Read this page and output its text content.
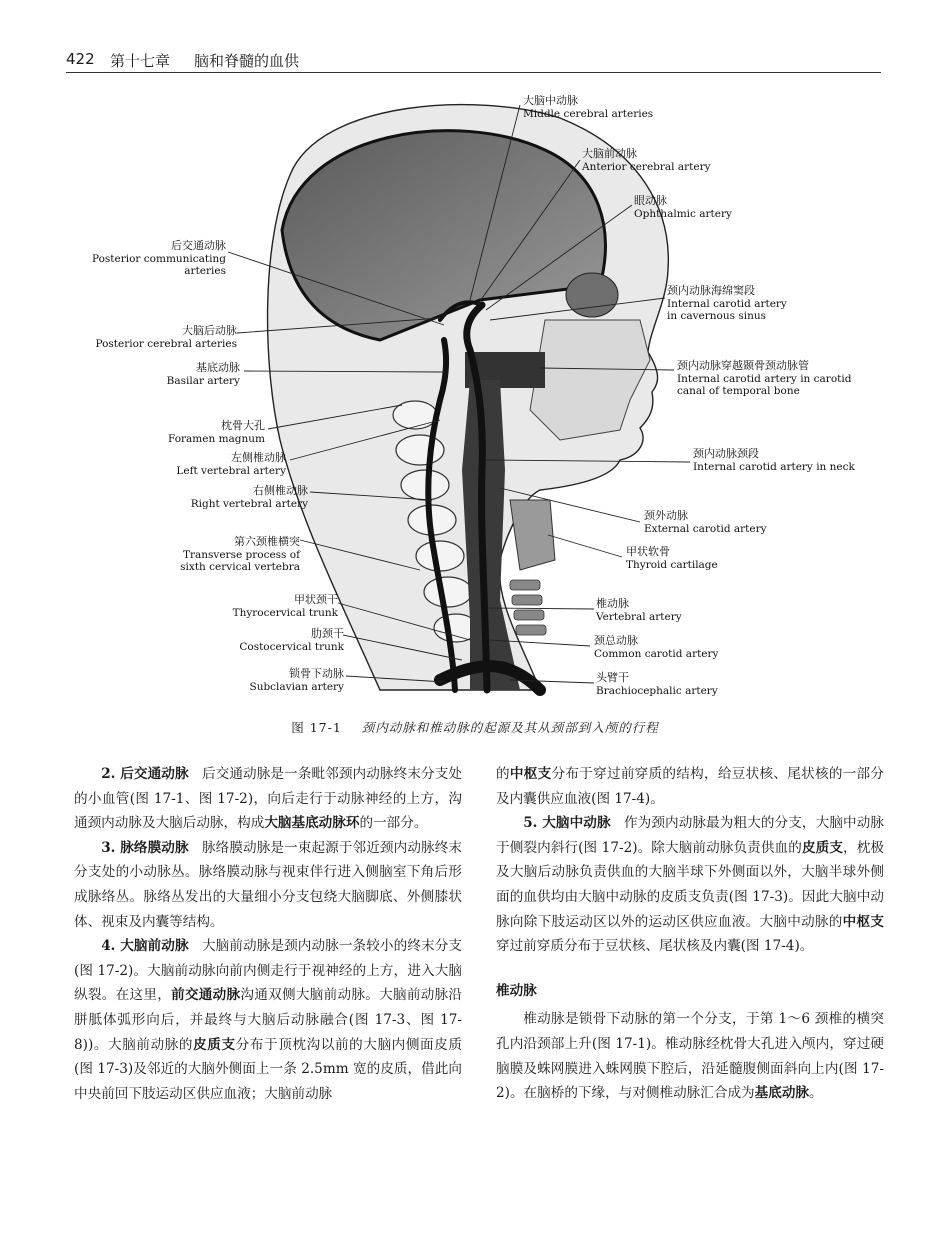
422 第十七章 脑和脊髓的血供
大脑中动脉
Middle cerebral arteries
大脑前动脉
Anterior cerebral artery
眼动脉
Ophthalmic artery
颈内动脉海绵窦段
Internal carotid artery
in cavernous sinus
颈内动脉穿越颞骨颈动脉管
Internal carotid artery in carotid
canal of temporal bone
颈内动脉颈段
Internal carotid artery in neck
颈外动脉
External carotid artery
甲状软骨
Thyroid cartilage
椎动脉
Vertebral artery
颈总动脉
Common carotid artery
头臂干
Brachiocephalic artery
后交通动脉
Posterior communicating
arteries
大脑后动脉
Posterior cerebral arteries
基底动脉
Basilar artery
枕骨大孔
Foramen magnum
左侧椎动脉
Left vertebral artery
右侧椎动脉
Right vertebral artery
第六颈椎横突
Transverse process of
sixth cervical vertebra
甲状颈干
Thyrocervical trunk
肋颈干
Costocervical trunk
锁骨下动脉
Subclavian artery
图 17-1 颈内动脉和椎动脉的起源及其从颈部到入颅的行程

2. 后交通动脉 后交通动脉是一条毗邻颈内动脉终末分支处的小血管(图 17-1、图 17-2)，向后走行于动脉神经的上方，沟通颈内动脉及大脑后动脉，构成大脑基底动脉环的一部分。

3. 脉络膜动脉 脉络膜动脉是一束起源于邻近颈内动脉终末分支处的小动脉丛。脉络膜动脉与视束伴行进入侧脑室下角后形成脉络丛。脉络丛发出的大量细小分支包绕大脑脚底、外侧膝状体、视束及内囊等结构。

4. 大脑前动脉 大脑前动脉是颈内动脉一条较小的终末分支(图 17-2)。大脑前动脉向前内侧走行于视神经的上方，进入大脑纵裂。在这里，前交通动脉沟通双侧大脑前动脉。大脑前动脉沿胼胝体弧形向后，并最终与大脑后动脉融合(图 17-3、图 17-8))。大脑前动脉的皮质支分布于顶枕沟以前的大脑内侧面皮质(图 17-3)及邻近的大脑外侧面上一条 2.5mm 宽的皮质，借此向中央前回下肢运动区供应血液；大脑前动脉

的中枢支分布于穿过前穿质的结构，给豆状核、尾状核的一部分及内囊供应血液(图 17-4)。

5. 大脑中动脉 作为颈内动脉最为粗大的分支，大脑中动脉于侧裂内斜行(图 17-2)。除大脑前动脉负责供血的皮质支，枕极及大脑后动脉负责供血的大脑半球下外侧面以外，大脑半球外侧面的血供均由大脑中动脉的皮质支负责(图 17-3)。因此大脑中动脉向除下肢运动区以外的运动区供应血液。大脑中动脉的中枢支穿过前穿质分布于豆状核、尾状核及内囊(图 17-4)。

椎动脉

椎动脉是锁骨下动脉的第一个分支，于第 1～6 颈椎的横突孔内沿颈部上升(图 17-1)。椎动脉经枕骨大孔进入颅内，穿过硬脑膜及蛛网膜进入蛛网膜下腔后，沿延髓腹侧面斜向上内(图 17-2)。在脑桥的下缘，与对侧椎动脉汇合成为基底动脉。
